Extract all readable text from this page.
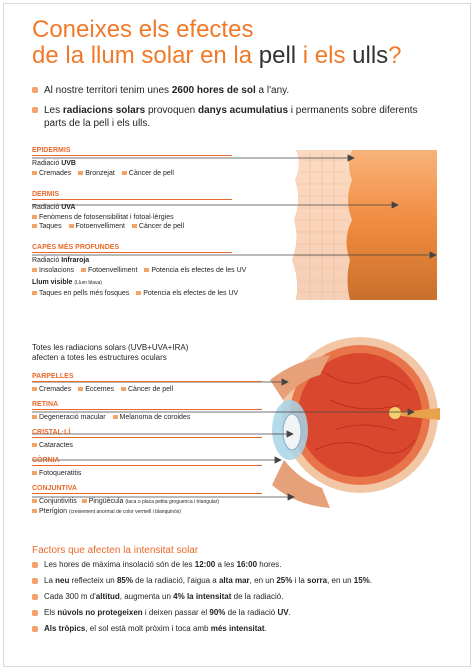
Coneixes els efectes
de la llum solar en la pell i els ulls?
Al nostre territori tenim unes 2600 hores de sol a l'any.
Les radiacions solars provoquen danys acumulatius i permanents sobre diferents parts de la pell i els ulls.
EPIDERMIS
Radiació UVB
Cremades Bronzejat Càncer de pell
DERMIS
Radiació UVA
Fenòmens de fotosensibilitat i fotoal·lèrgies
Taques Fotoenvelliment Càncer de pell
CAPES MÉS PROFUNDES
Radiació Infraroja
Insolacions Fotoenvelliment Potencia els efectes de les UV
Llum visible (Llum blava)
Taques en pells més fosques Potencia els efectes de les UV
Totes les radiacions solars (UVB+UVA+IRA)
afecten a totes les estructures oculars
PARPELLES
Cremades Eccemes Càncer de pell
RETINA
Degeneració macular Melanoma de coroides
CRISTAL·LÍ
Cataractes
CÒRNIA
Fotoqueratitis
CONJUNTIVA
Conjuntivitis Pingüècula (taca o placa petita groguenca i triangular)
Pterígion (creixement anormal de color vermell i blanquinós)
Factors que afecten la intensitat solar
Les hores de màxima insolació són de les 12:00 a les 16:00 hores.
La neu reflecteix un 85% de la radiació, l'aigua a alta mar, en un 25% i la sorra, en un 15%.
Cada 300 m d'altitud, augmenta un 4% la intensitat de la radiació.
Els núvols no protegeixen i deixen passar el 90% de la radiació UV.
Als tròpics, el sol està molt pròxim i toca amb més intensitat.
